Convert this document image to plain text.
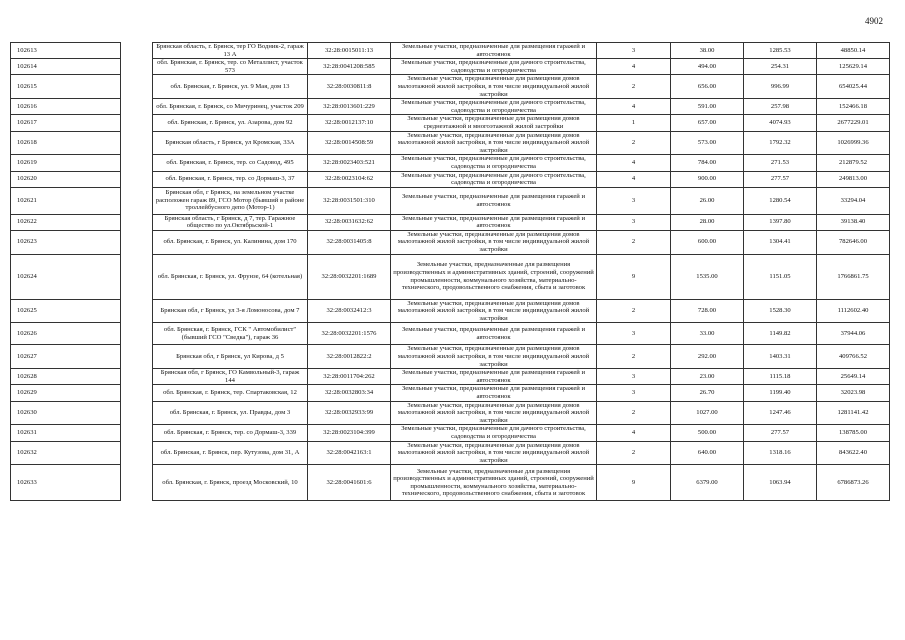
4902
102613		Брянская область, г. Брянск, тер ГО Водник-2, гараж 13 А	32:28:0015011:13	Земельные участки, предназначенные для размещения гаражей и автостоянок	3	38.00	1285.53	48850.14
102614		обл. Брянская, г. Брянск, тер. со Металлист, участок 573	32:28:0041208:585	Земельные участки, предназначенные для дачного строительства, садоводства и огородничества	4	494.00	254.31	125629.14
102615		обл. Брянская, г. Брянск, ул. 9 Мая, дом 13	32:28:0030811:8	Земельные участки, предназначенные для размещения домов малоэтажной жилой застройки, в том числе индивидуальной жилой застройки	2	656.00	996.99	654025.44
102616		обл. Брянская, г. Брянск, со Мичуринец, участок 209	32:28:0013601:229	Земельные участки, предназначенные для дачного строительства, садоводства и огородничества	4	591.00	257.98	152466.18
102617		обл. Брянская, г. Брянск, ул. Азарова, дом 92	32:28:0012137:10	Земельные участки, предназначенные для размещения домов среднеэтажной и многоэтажной жилой застройки	1	657.00	4074.93	2677229.01
102618		Брянская область, г Брянск, ул Кромская, 33А	32:28:0014508:59	Земельные участки, предназначенные для размещения домов малоэтажной жилой застройки, в том числе индивидуальной жилой застройки	2	573.00	1792.32	1026999.36
102619		обл. Брянская, г. Брянск, тер. со Садовод, 495	32:28:0023403:521	Земельные участки, предназначенные для дачного строительства, садоводства и огородничества	4	784.00	271.53	212879.52
102620		обл. Брянская, г. Брянск, тер. со Дормаш-3, 37	32:28:0023104:62	Земельные участки, предназначенные для дачного строительства, садоводства и огородничества	4	900.00	277.57	249813.00
102621		Брянская обл, г Брянск, на земельном участке расположен гараж 89, ГСО Мотор (бывший в районе троллейбусного депо (Мотор-1)	32:28:0031501:310	Земельные участки, предназначенные для размещения гаражей и автостоянок	3	26.00	1280.54	33294.04
102622		Брянская область, г Брянск, д 7, тер. Гаражное общество по ул.Октябрьской-1	32:28:0031632:62	Земельные участки, предназначенные для размещения гаражей и автостоянок	3	28.00	1397.80	39138.40
102623		обл. Брянская, г. Брянск, ул. Калинина, дом 170	32:28:0031405:8	Земельные участки, предназначенные для размещения домов малоэтажной жилой застройки, в том числе индивидуальной жилой застройки	2	600.00	1304.41	782646.00
102624		обл. Брянская, г. Брянск, ул. Фрунзе, 64 (котельная)	32:28:0032201:1689	Земельные участки, предназначенные для размещения производственных и административных зданий, строений, сооружений промышленности, коммунального хозяйства, материально-технического, продовольственного снабжения, сбыта и заготовок	9	1535.00	1151.05	1766861.75
102625		Брянская обл, г Брянск, ул 3-я Ломоносова, дом 7	32:28:0032412:3	Земельные участки, предназначенные для размещения домов малоэтажной жилой застройки, в том числе индивидуальной жилой застройки	2	728.00	1528.30	1112602.40
102626		обл. Брянская, г. Брянск, ГСК " Автомобилист" (бывший ГСО "Сведка"), гараж 36	32:28:0032201:1576	Земельные участки, предназначенные для размещения гаражей и автостоянок	3	33.00	1149.82	37944.06
102627		Брянская обл, г Брянск, ул Кирова, д 5	32:28:0012822:2	Земельные участки, предназначенные для размещения домов малоэтажной жилой застройки, в том числе индивидуальной жилой застройки	2	292.00	1403.31	409766.52
102628		Брянская обл, г Брянск, ГО Камвольный-3, гараж 144	32:28:0011704:262	Земельные участки, предназначенные для размещения гаражей и автостоянок	3	23.00	1115.18	25649.14
102629		обл. Брянская, г. Брянск, тер. Спартаковская, 12	32:28:0032803:34	Земельные участки, предназначенные для размещения гаражей и автостоянок	3	26.70	1199.40	32023.98
102630		обл. Брянская, г. Брянск, ул. Правды, дом 3	32:28:0032933:99	Земельные участки, предназначенные для размещения домов малоэтажной жилой застройки, в том числе индивидуальной жилой застройки	2	1027.00	1247.46	1281141.42
102631		обл. Брянская, г. Брянск, тер. со Дормаш-3, 339	32:28:0023104:399	Земельные участки, предназначенные для дачного строительства, садоводства и огородничества	4	500.00	277.57	138785.00
102632		обл. Брянская, г. Брянск, пер. Кутузова, дом 31, А	32:28:0042163:1	Земельные участки, предназначенные для размещения домов малоэтажной жилой застройки, в том числе индивидуальной жилой застройки	2	640.00	1318.16	843622.40
102633		обл. Брянская, г. Брянск, проезд Московский, 10	32:28:0041601:6	Земельные участки, предназначенные для размещения производственных и административных зданий, строений, сооружений промышленности, коммунального хозяйства, материально-технического, продовольственного снабжения, сбыта и заготовок	9	6379.00	1063.94	6786873.26
